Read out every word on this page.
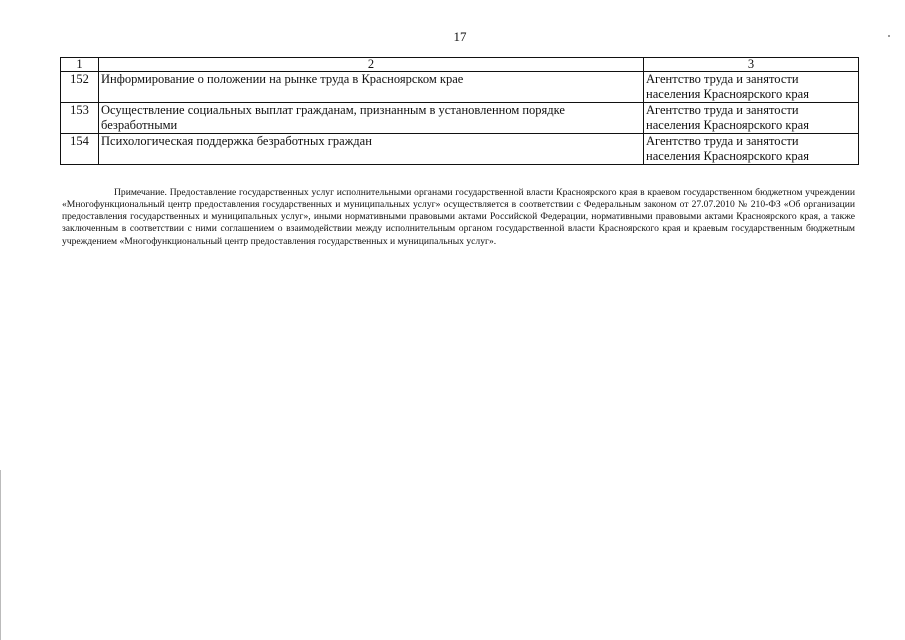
17
1	2	3
152	Информирование о положении на рынке труда в Красноярском крае	Агентство труда и занятости
населения Красноярского края

153	Осуществление социальных выплат гражданам, признанным в установленном порядке безработными	Агентство труда и занятости
населения Красноярского края

154	Психологическая поддержка безработных граждан	Агентство труда и занятости
населения Красноярского края

Примечание. Предоставление государственных услуг исполнительными органами государственной власти Красноярского края в краевом государственном бюджетном учреждении «Многофункциональный центр предоставления государственных и муниципальных услуг» осуществляется в соответствии с Федеральным законом от 27.07.2010 № 210-ФЗ «Об организации предоставления государственных и муниципальных услуг», иными нормативными правовыми актами Российской Федерации, нормативными правовыми актами Красноярского края, а также заключенным в соответствии с ними соглашением о взаимодействии между исполнительным органом государственной власти Красноярского края и краевым государственным бюджетным учреждением «Многофункциональный центр предоставления государственных и муниципальных услуг».
